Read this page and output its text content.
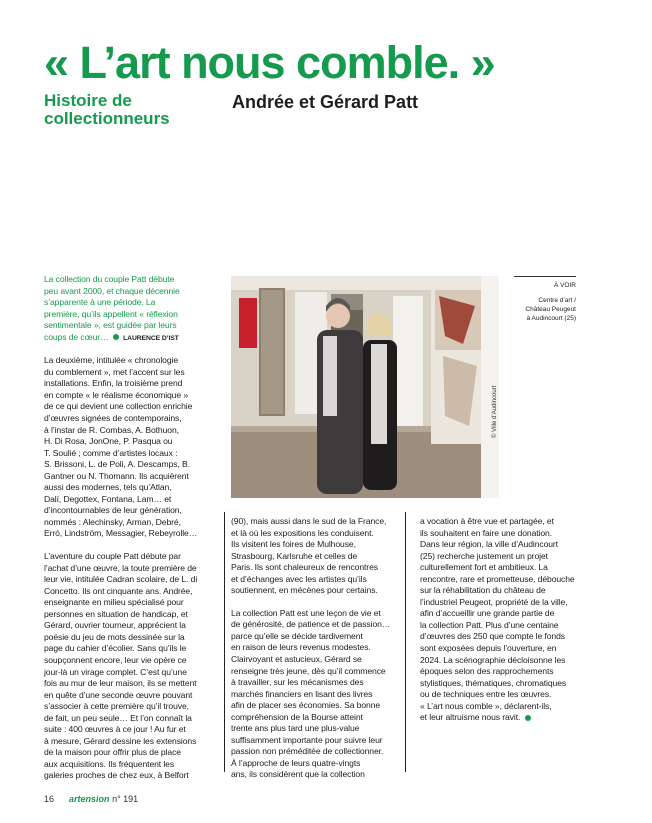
« L’art nous comble. »
Histoire de
collectionneurs
Andrée et Gérard Patt

La collection du couple Patt débute
peu avant 2000, et chaque décennie
s’apparente à une période. La
première, qu’ils appellent « réflexion
sentimentale », est guidée par leurs
coups de cœur… LAURENCE D’IST

La deuxième, intitulée « chronologie
du comblement », met l’accent sur les
installations. Enfin, la troisième prend
en compte « le réalisme économique »
de ce qui devient une collection enrichie
d’œuvres signées de contemporains,
à l’instar de R. Combas, A. Bothuon,
H. Di Rosa, JonOne, P. Pasqua ou
T. Soulié ; comme d’artistes locaux :
S. Brissoni, L. de Poli, A. Descamps, B.
Gantner ou N. Thomann. Ils acquièrent
aussi des modernes, tels qu’Atlan,
Dalí, Degottex, Fontana, Lam… et
d’incontournables de leur génération,
nommés : Alechinsky, Arman, Debré,
Erró, Lindström, Messagier, Rebeyrolle…

L’aventure du couple Patt débute par
l’achat d’une œuvre, la toute première de
leur vie, intitulée Cadran scolaire, de L. di
Concetto. Ils ont cinquante ans. Andrée,
enseignante en milieu spécialisé pour
personnes en situation de handicap, et
Gérard, ouvrier tourneur, apprécient la
poésie du jeu de mots dessinée sur la
page du cahier d’écolier. Sans qu’ils le
soupçonnent encore, leur vie opère ce
jour-là un virage complet. C’est qu’une
fois au mur de leur maison, ils se mettent
en quête d’une seconde œuvre pouvant
s’associer à cette première qu’il trouve,
de fait, un peu seule… Et l’on connaît la
suite : 400 œuvres à ce jour ! Au fur et
à mesure, Gérard dessine les extensions
de la maison pour offrir plus de place
aux acquisitions. Ils fréquentent les
galeries proches de chez eux, à Belfort

© Ville d’Audincourt
À VOIR
Centre d’art /
Château Peugeot
à Audincourt (25)

(90), mais aussi dans le sud de la France,
et là où les expositions les conduisent.
Ils visitent les foires de Mulhouse,
Strasbourg, Karlsruhe et celles de
Paris. Ils sont chaleureux de rencontres
et d’échanges avec les artistes qu’ils
soutiennent, en mécènes pour certains.

La collection Patt est une leçon de vie et
de générosité, de patience et de passion…
parce qu’elle se décide tardivement
en raison de leurs revenus modestes.
Clairvoyant et astucieux, Gérard se
renseigne très jeune, dès qu’il commence
à travailler, sur les mécanismes des
marchés financiers en lisant des livres
afin de placer ses économies. Sa bonne
compréhension de la Bourse atteint
trente ans plus tard une plus-value
suffisamment importante pour suivre leur
passion non préméditée de collectionner.
À l’approche de leurs quatre-vingts
ans, ils considèrent que la collection

a vocation à être vue et partagée, et
ils souhaitent en faire une donation.
Dans leur région, la ville d’Audincourt
(25) recherche justement un projet
culturellement fort et ambitieux. La
rencontre, rare et prometteuse, débouche
sur la réhabilitation du château de
l’industriel Peugeot, propriété de la ville,
afin d’accueillir une grande partie de
la collection Patt. Plus d’une centaine
d’œuvres des 250 que compte le fonds
sont exposées depuis l’ouverture, en
2024. La scénographie décloisonne les
époques selon des rapprochements
stylistiques, thématiques, chromatiques
ou de techniques entre les œuvres.
« L’art nous comble », déclarent-ils,
et leur altruisme nous ravit.

16 artension n° 191
